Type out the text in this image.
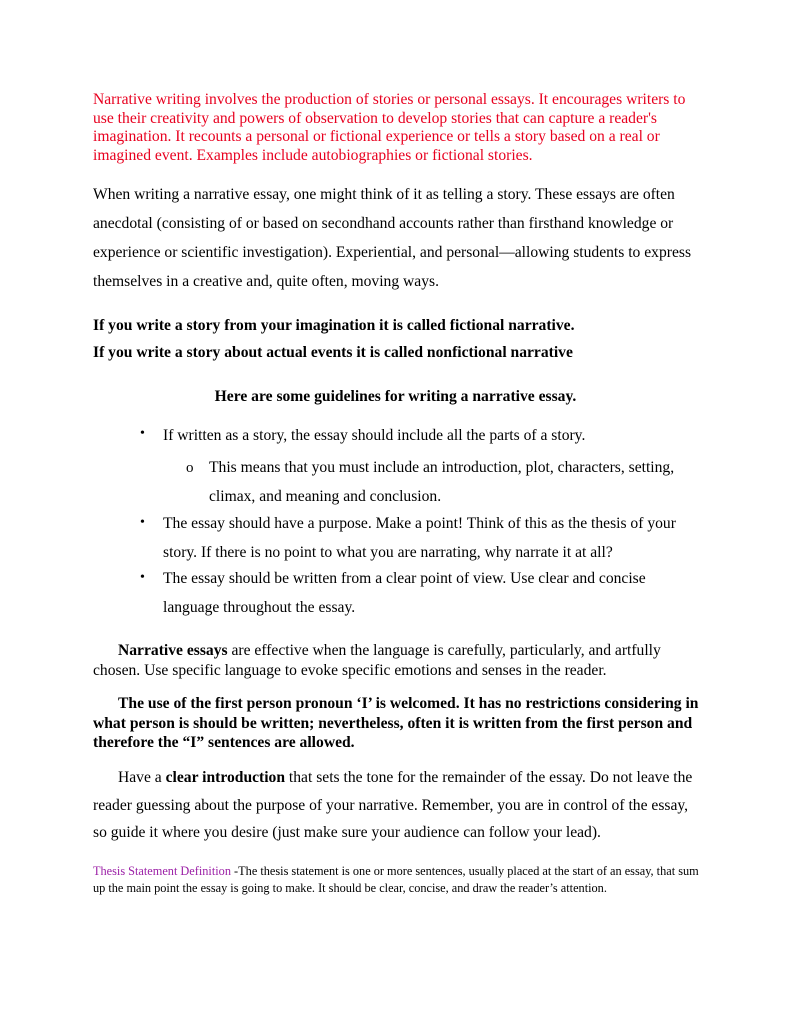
Narrative writing involves the production of stories or personal essays. It encourages writers to use their creativity and powers of observation to develop stories that can capture a reader's imagination. It recounts a personal or fictional experience or tells a story based on a real or imagined event. Examples include autobiographies or fictional stories.

When writing a narrative essay, one might think of it as telling a story. These essays are often anecdotal (consisting of or based on secondhand accounts rather than firsthand knowledge or experience or scientific investigation). Experiential, and personal—allowing students to express themselves in a creative and, quite often, moving ways.

If you write a story from your imagination it is called fictional narrative.

If you write a story about actual events it is called nonfictional narrative

Here are some guidelines for writing a narrative essay.
•	If written as a story, the essay should include all the parts of a story.

o This means that you must include an introduction, plot, characters, setting, climax, and meaning and conclusion.

•	The essay should have a purpose. Make a point! Think of this as the thesis of your story. If there is no point to what you are narrating, why narrate it at all?

•	The essay should be written from a clear point of view. Use clear and concise language throughout the essay.

Narrative essays are effective when the language is carefully, particularly, and artfully chosen. Use specific language to evoke specific emotions and senses in the reader.

The use of the first person pronoun ‘I’ is welcomed. It has no restrictions considering in what person is should be written; nevertheless, often it is written from the first person and therefore the “I” sentences are allowed.

Have a clear introduction that sets the tone for the remainder of the essay. Do not leave the reader guessing about the purpose of your narrative. Remember, you are in control of the essay, so guide it where you desire (just make sure your audience can follow your lead).

Thesis Statement Definition -The thesis statement is one or more sentences, usually placed at the start of an essay, that sum up the main point the essay is going to make. It should be clear, concise, and draw the reader’s attention.
